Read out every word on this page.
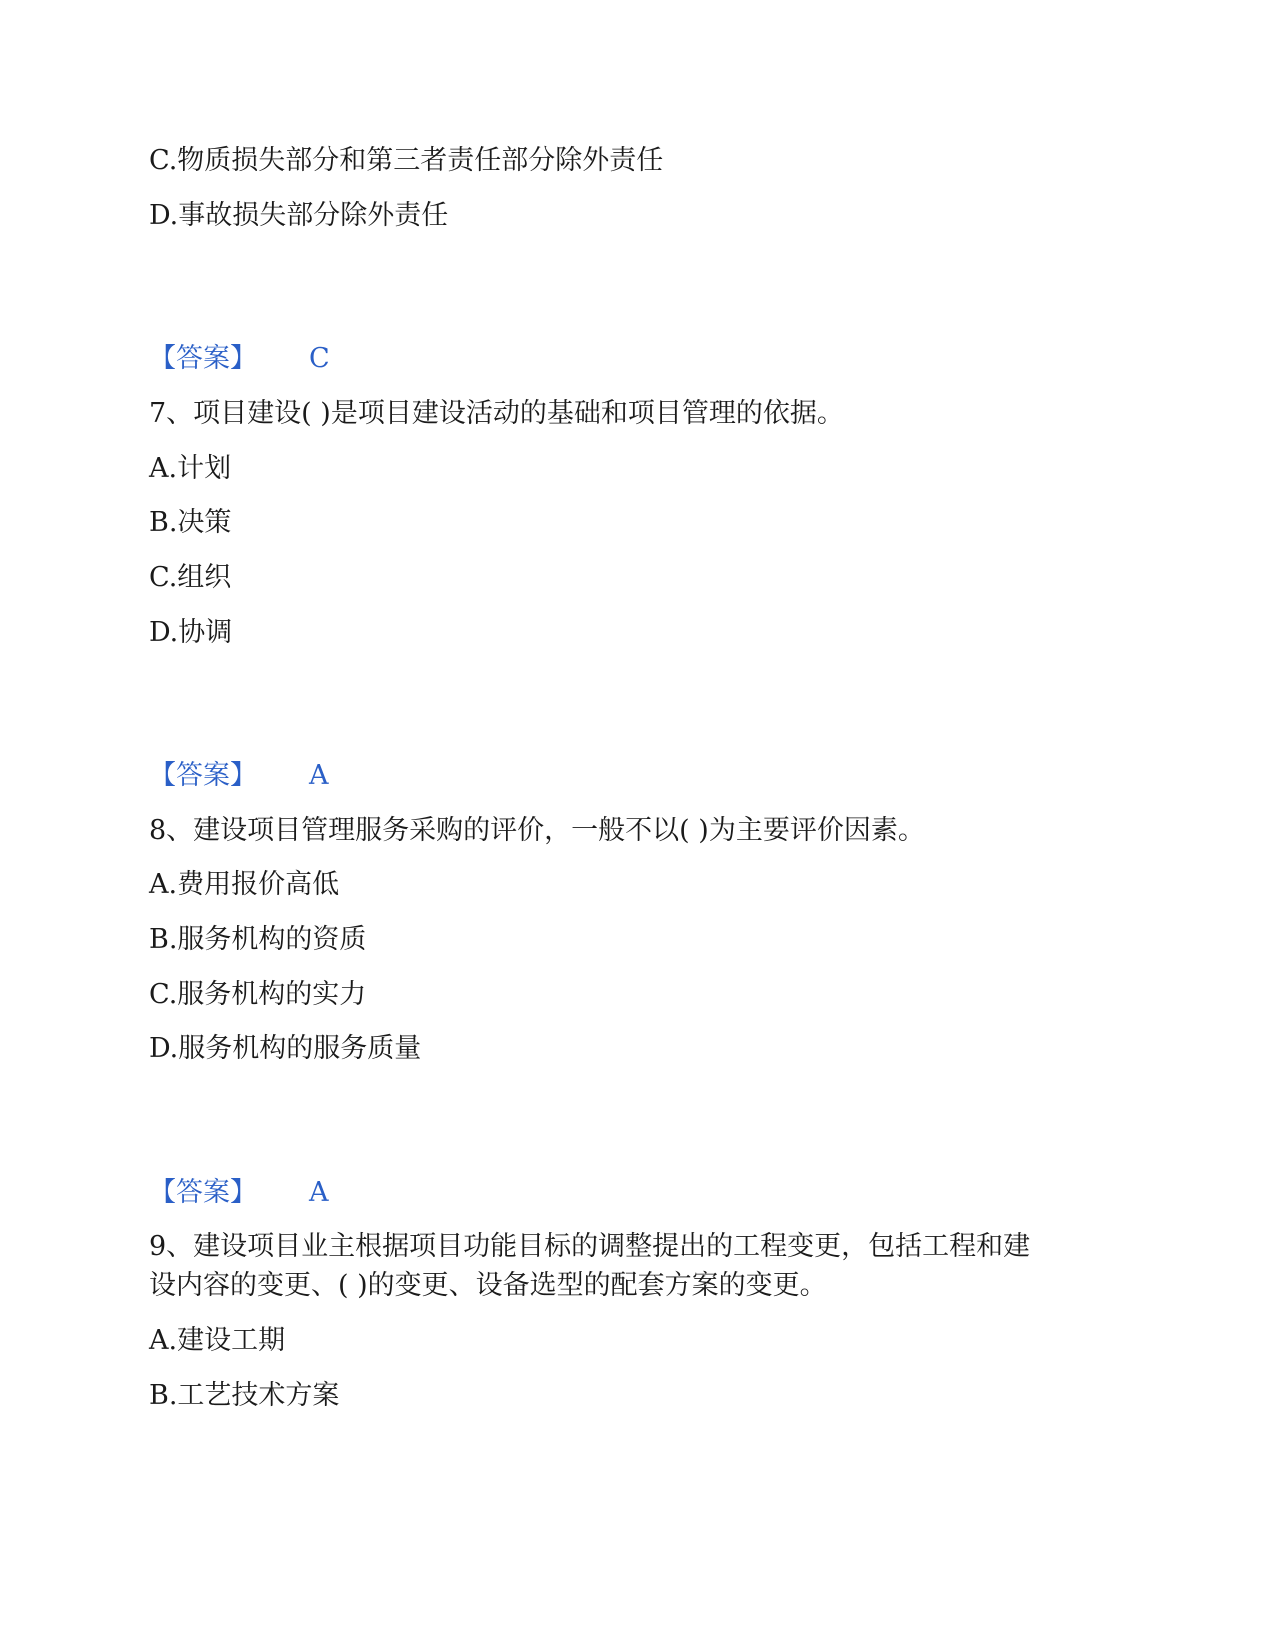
C.物质损失部分和第三者责任部分除外责任
D.事故损失部分除外责任
【答案】 C
7、项目建设( )是项目建设活动的基础和项目管理的依据。
A.计划
B.决策
C.组织
D.协调
【答案】 A
8、建设项目管理服务采购的评价，一般不以( )为主要评价因素。
A.费用报价高低
B.服务机构的资质
C.服务机构的实力
D.服务机构的服务质量
【答案】 A
9、建设项目业主根据项目功能目标的调整提出的工程变更，包括工程和建
设内容的变更、( )的变更、设备选型的配套方案的变更。
A.建设工期
B.工艺技术方案
